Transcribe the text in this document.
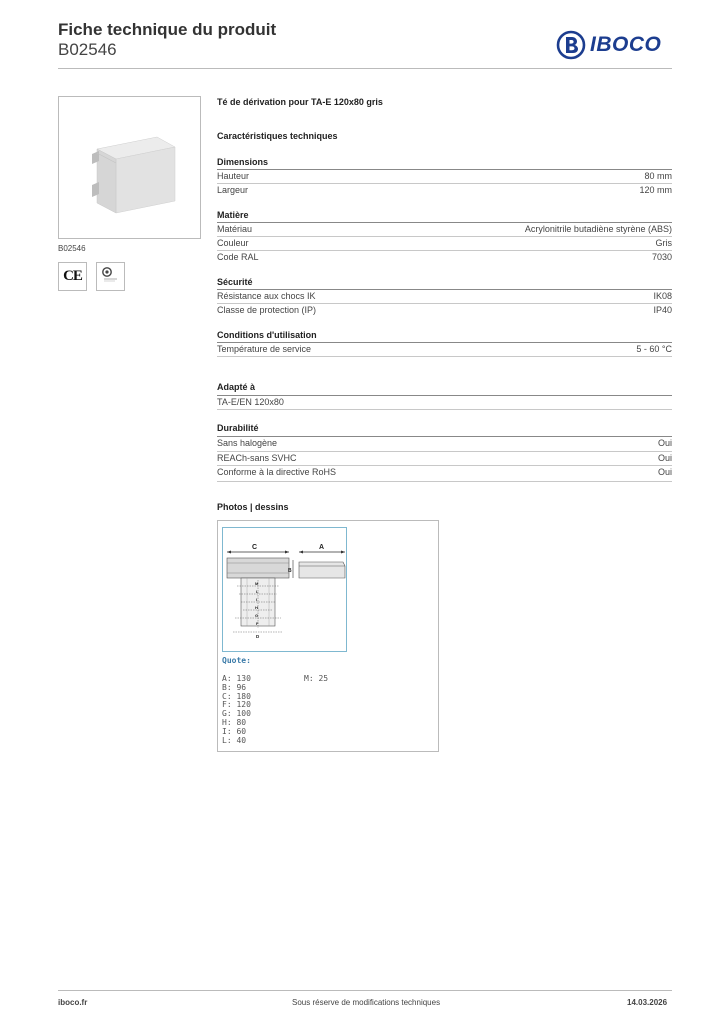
Fiche technique du produit
B02546	IBOCO
B02546
CE
Té de dérivation pour TA-E 120x80 gris
Caractéristiques techniques
Dimensions
Hauteur	80 mm
Largeur	120 mm
Matière
Matériau	Acrylonitrile butadiène styrène (ABS)
Couleur	Gris
Code RAL	7030
Sécurité
Résistance aux chocs IK	IK08
Classe de protection (IP)	IP40
Conditions d'utilisation
Température de service	5 - 60 °C
Adapté à
TA-E/EN 120x80
Durabilité
Sans halogène	Oui
REACh-sans SVHC	Oui
Conforme à la directive RoHS	Oui
Photos | dessins
C
M
L
I
H
G
F
D
A
B
Quote:
A: 130
B: 96
C: 180
F: 120
G: 100
H: 80
I: 60
L: 40
M: 25
iboco.fr	Sous réserve de modifications techniques	14.03.2026
